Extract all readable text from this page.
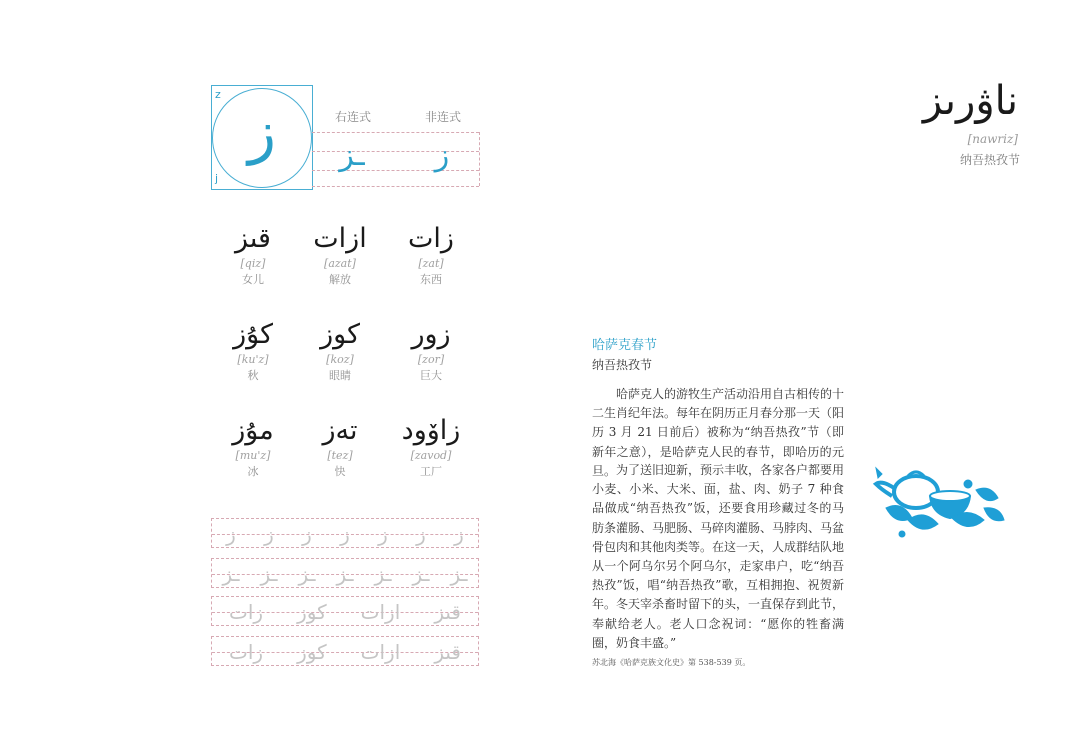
ز
z
j
右连式	非连式
ـز	ز
قىز
[qiz]
女儿
ازات
[azat]
解放
زات
[zat]
东西
كۇز
[ku'z]
秋
كوز
[koz]
眼睛
زور
[zor]
巨大
مۇز
[mu'z]
冰
تەز
[tez]
快
زاۆود
[zavod]
工厂
ز ز ز ز ز ز ز
ـز ـز ـز ـز ـز ـز ـز
زات كوز ازات قىز
زات كوز ازات قىز
ناۋرىز
[nawriz]
纳吾热孜节
哈萨克春节
纳吾热孜节
哈萨克人的游牧生产活动沿用自古相传的十二生肖纪年法。每年在阴历正月春分那一天（阳历 3 月 21 日前后）被称为“纳吾热孜”节（即新年之意），是哈萨克人民的春节，即哈历的元旦。 为了送旧迎新，预示丰收，各家各户都要用小麦、小米、大米、面，盐、肉、奶子 7 种食品做成“纳吾热孜”饭，还要食用珍藏过冬的马肪条灌肠、马肥肠、马碎肉灌肠、马脖肉、马盆骨包肉和其他肉类等。在这一天，人成群结队地从一个阿乌尔另个阿乌尔，走家串户，吃“纳吾热孜”饭，唱“纳吾热孜”歌，互相拥抱、祝贺新年。冬天宰杀畜时留下的头，一直保存到此节，奉献给老人。老人口念祝词：“愿你的牲畜满圈，奶食丰盛。”
苏北海《哈萨克族文化史》第 538-539 页。
